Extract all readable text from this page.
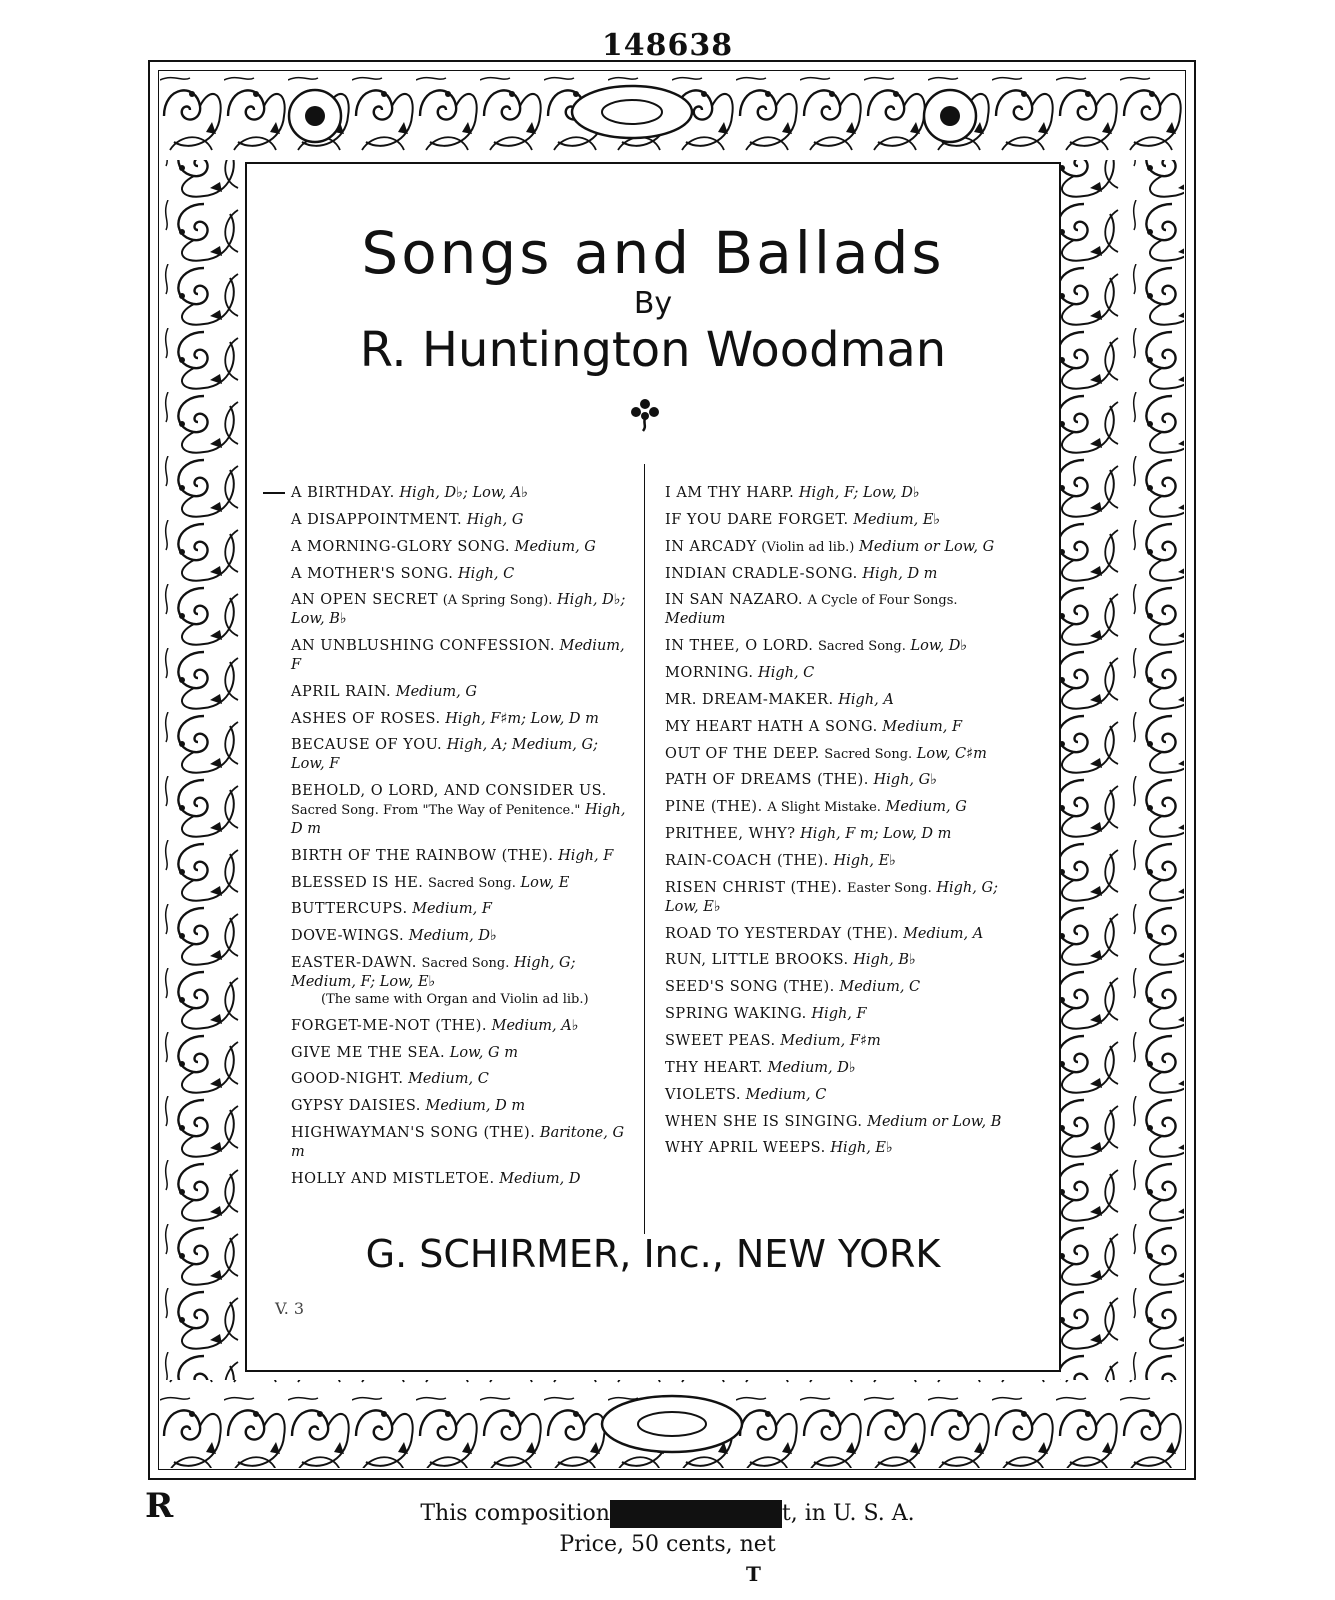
148638
Songs and Ballads
By
R. Huntington Woodman
A BIRTHDAY. High, D♭; Low, A♭
A DISAPPOINTMENT. High, G
A MORNING-GLORY SONG. Medium, G
A MOTHER'S SONG. High, C
AN OPEN SECRET (A Spring Song). High, D♭; Low, B♭
AN UNBLUSHING CONFESSION. Medium, F
APRIL RAIN. Medium, G
ASHES OF ROSES. High, F♯m; Low, D m
BECAUSE OF YOU. High, A; Medium, G; Low, F
BEHOLD, O LORD, AND CONSIDER US. Sacred Song. From "The Way of Penitence." High, D m
BIRTH OF THE RAINBOW (THE). High, F
BLESSED IS HE. Sacred Song. Low, E
BUTTERCUPS. Medium, F
DOVE-WINGS. Medium, D♭
EASTER-DAWN. Sacred Song. High, G; Medium, F; Low, E♭
(The same with Organ and Violin ad lib.)
FORGET-ME-NOT (THE). Medium, A♭
GIVE ME THE SEA. Low, G m
GOOD-NIGHT. Medium, C
GYPSY DAISIES. Medium, D m
HIGHWAYMAN'S SONG (THE). Baritone, G m
HOLLY AND MISTLETOE. Medium, D
I AM THY HARP. High, F; Low, D♭
IF YOU DARE FORGET. Medium, E♭
IN ARCADY (Violin ad lib.) Medium or Low, G
INDIAN CRADLE-SONG. High, D m
IN SAN NAZARO. A Cycle of Four Songs. Medium
IN THEE, O LORD. Sacred Song. Low, D♭
MORNING. High, C
MR. DREAM-MAKER. High, A
MY HEART HATH A SONG. Medium, F
OUT OF THE DEEP. Sacred Song. Low, C♯m
PATH OF DREAMS (THE). High, G♭
PINE (THE). A Slight Mistake. Medium, G
PRITHEE, WHY? High, F m; Low, D m
RAIN-COACH (THE). High, E♭
RISEN CHRIST (THE). Easter Song. High, G; Low, E♭
ROAD TO YESTERDAY (THE). Medium, A
RUN, LITTLE BROOKS. High, B♭
SEED'S SONG (THE). Medium, C
SPRING WAKING. High, F
SWEET PEAS. Medium, F♯m
THY HEART. Medium, D♭
VIOLETS. Medium, C
WHEN SHE IS SINGING. Medium or Low, B
WHY APRIL WEEPS. High, E♭
G. SCHIRMER, Inc., NEW YORK
V. 3
R
T
This composition	t, in U. S. A.
Price, 50 cents, net
